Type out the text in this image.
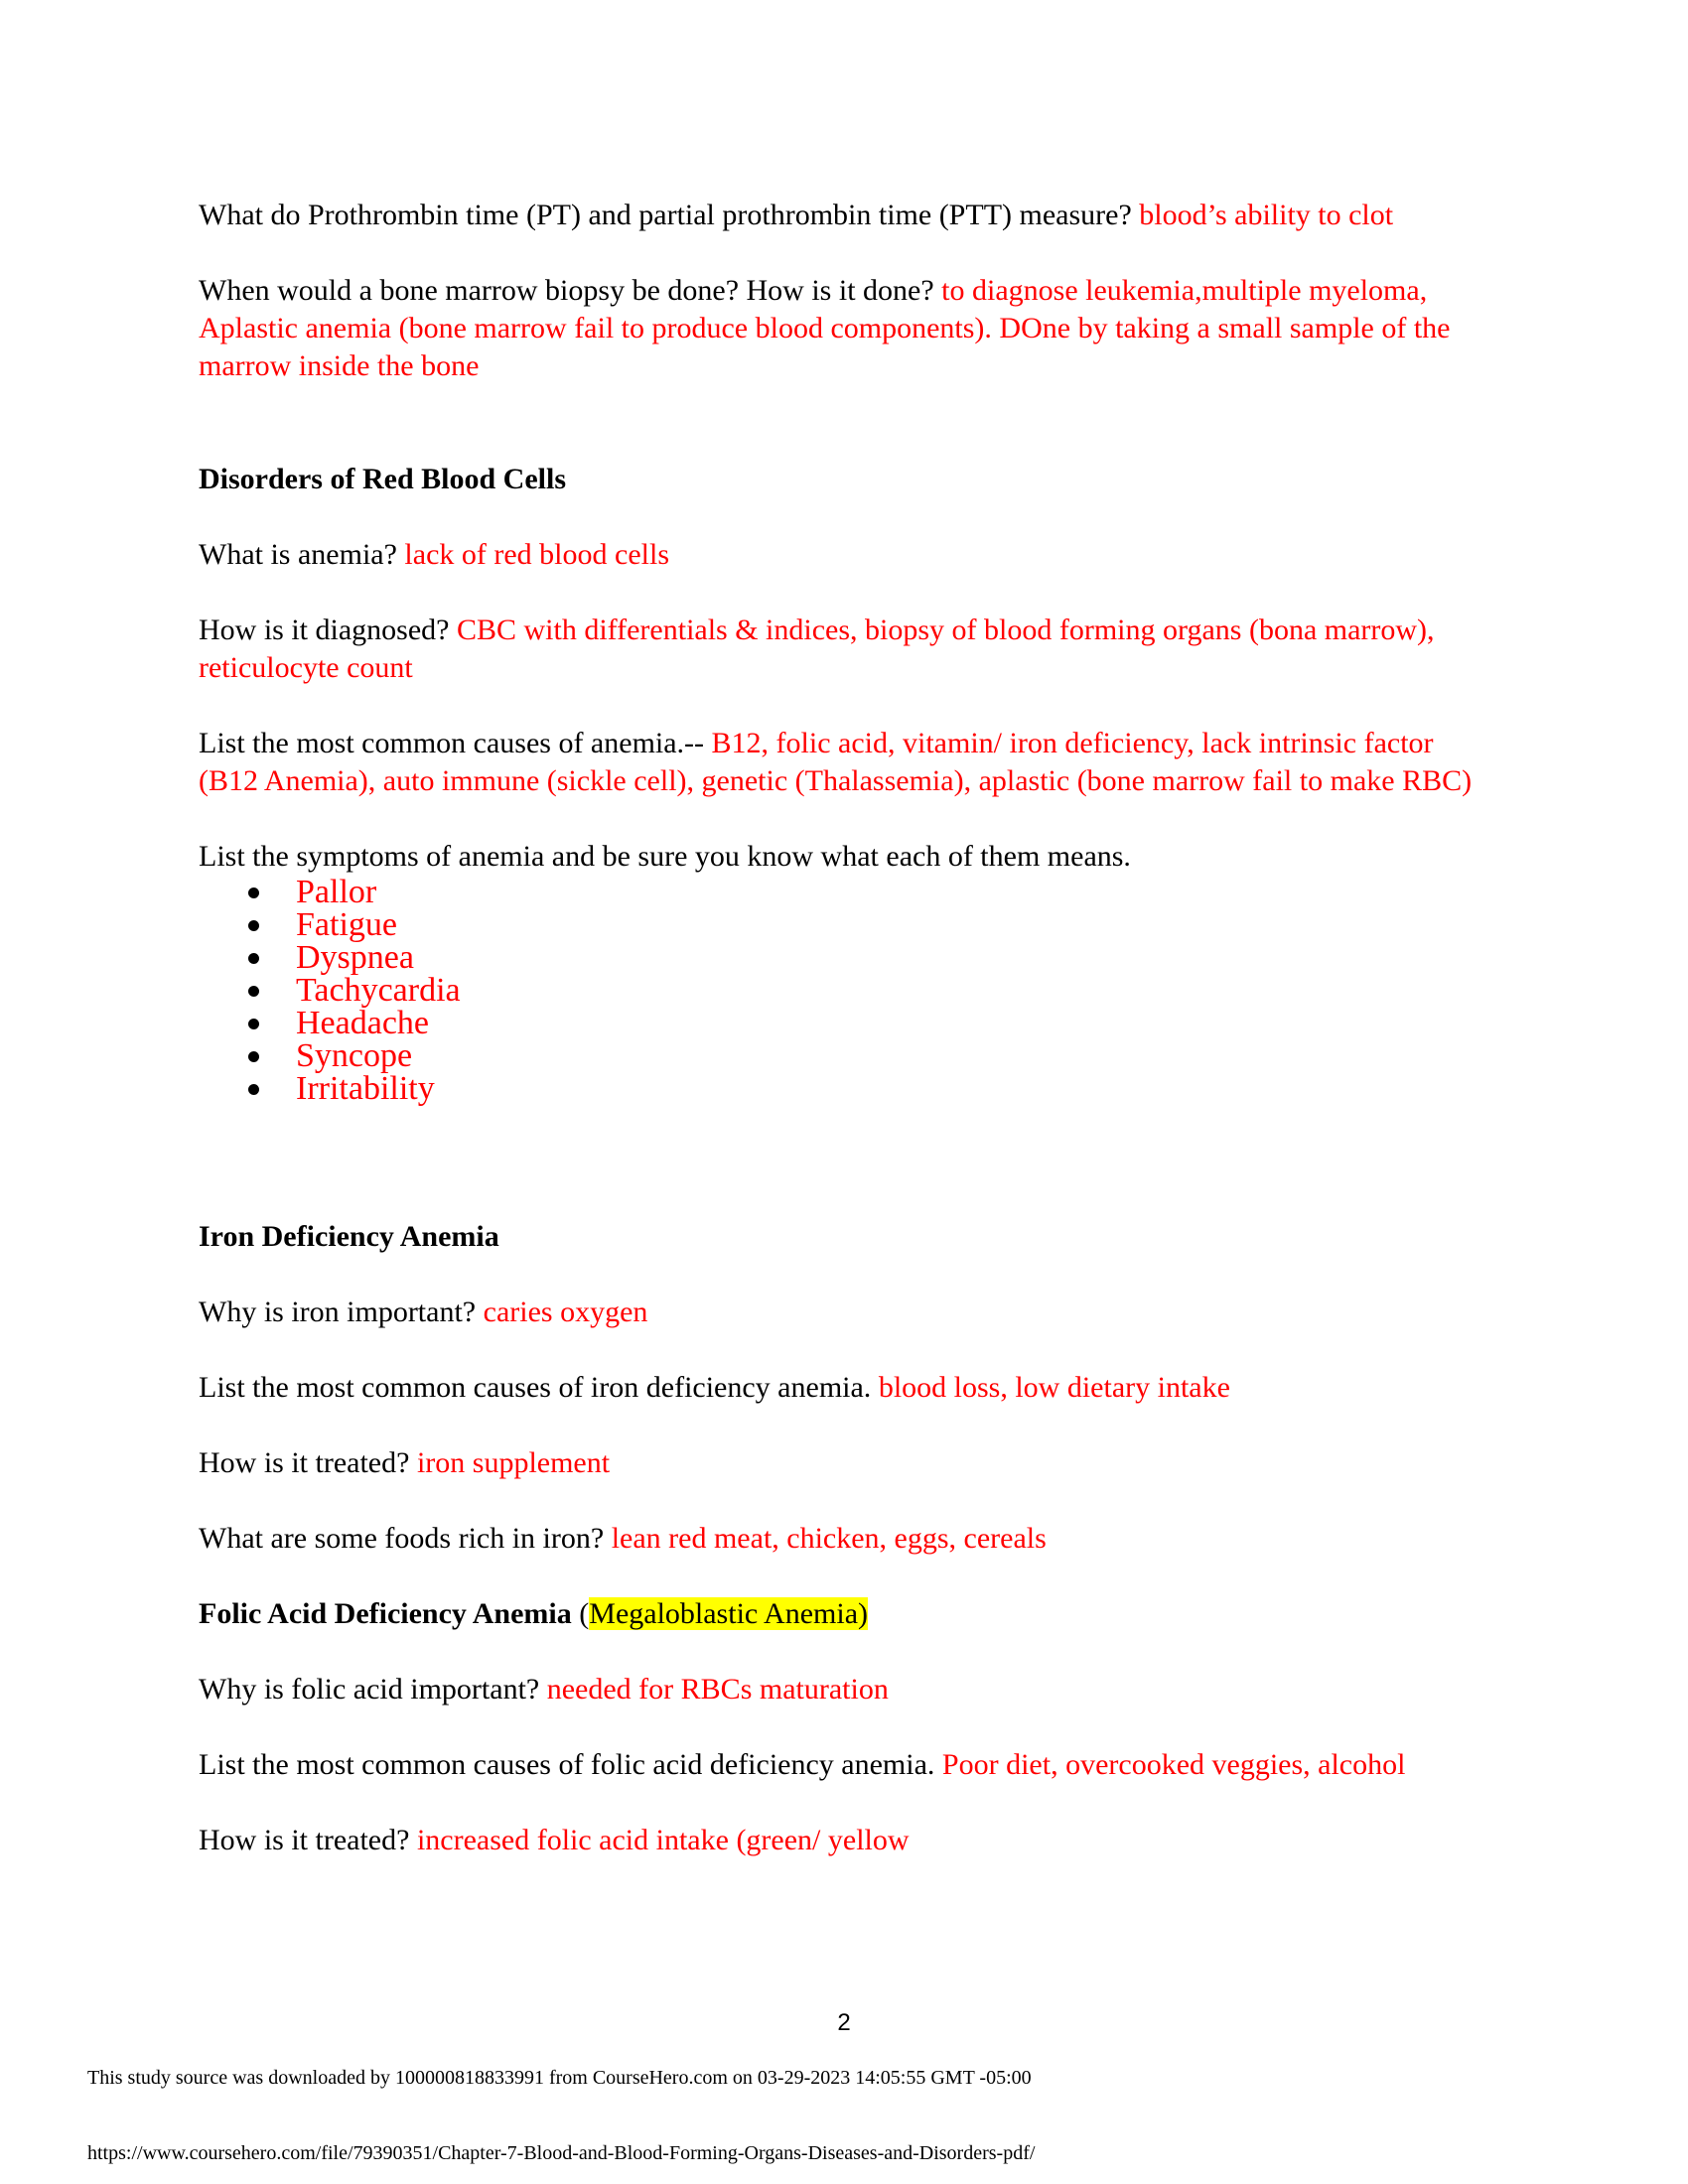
What do Prothrombin time (PT) and partial prothrombin time (PTT) measure? blood’s ability to clot

When would a bone marrow biopsy be done? How is it done? to diagnose leukemia,multiple myeloma, Aplastic anemia (bone marrow fail to produce blood components). DOne by taking a small sample of the marrow inside the bone

Disorders of Red Blood Cells

What is anemia? lack of red blood cells

How is it diagnosed? CBC with differentials & indices, biopsy of blood forming organs (bona marrow), reticulocyte count

List the most common causes of anemia.-- B12, folic acid, vitamin/ iron deficiency, lack intrinsic factor (B12 Anemia), auto immune (sickle cell), genetic (Thalassemia), aplastic (bone marrow fail to make RBC)

List the symptoms of anemia and be sure you know what each of them means.

Pallor
Fatigue
Dyspnea
Tachycardia
Headache
Syncope
Irritability

Iron Deficiency Anemia

Why is iron important? caries oxygen

List the most common causes of iron deficiency anemia. blood loss, low dietary intake

How is it treated? iron supplement

What are some foods rich in iron? lean red meat, chicken, eggs, cereals

Folic Acid Deficiency Anemia (Megaloblastic Anemia)

Why is folic acid important? needed for RBCs maturation

List the most common causes of folic acid deficiency anemia. Poor diet, overcooked veggies, alcohol

How is it treated? increased folic acid intake (green/ yellow

2
This study source was downloaded by 100000818833991 from CourseHero.com on 03-29-2023 14:05:55 GMT -05:00
https://www.coursehero.com/file/79390351/Chapter-7-Blood-and-Blood-Forming-Organs-Diseases-and-Disorders-pdf/
